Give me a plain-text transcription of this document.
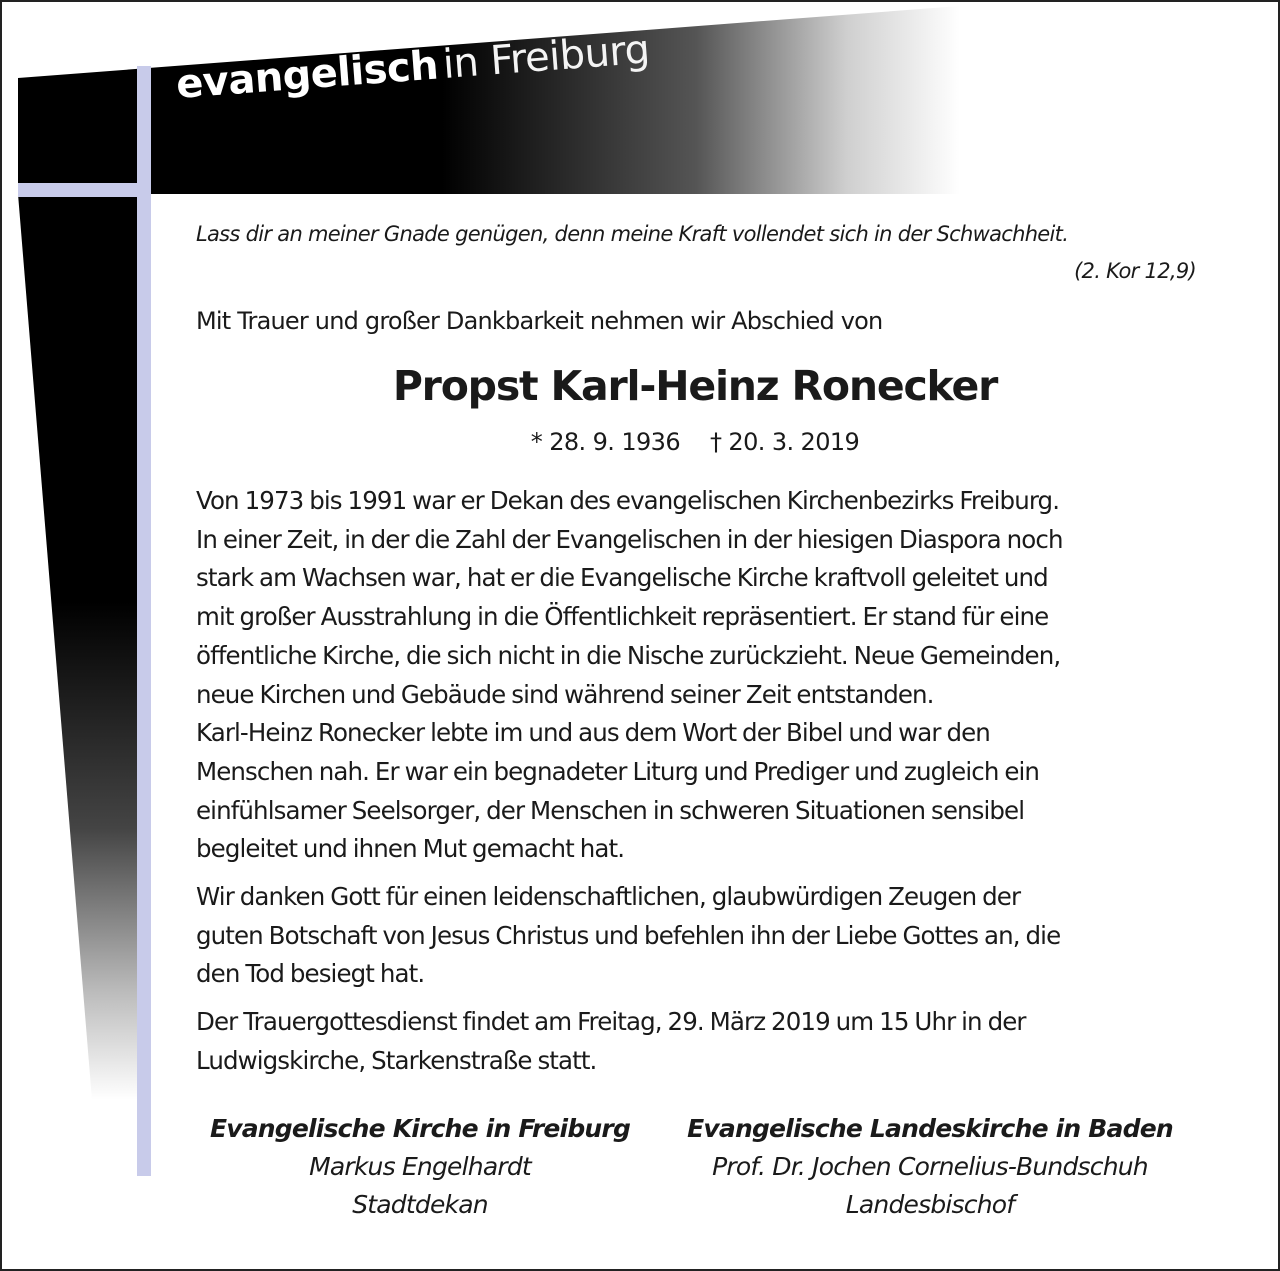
evangelisch in Freiburg
Lass dir an meiner Gnade genügen, denn meine Kraft vollendet sich in der Schwachheit.
(2. Kor 12,9)
Mit Trauer und großer Dankbarkeit nehmen wir Abschied von
Propst Karl-Heinz Ronecker
* 28. 9. 1936 † 20. 3. 2019

Von 1973 bis 1991 war er Dekan des evangelischen Kirchenbezirks Freiburg.
In einer Zeit, in der die Zahl der Evangelischen in der hiesigen Diaspora noch
stark am Wachsen war, hat er die Evangelische Kirche kraftvoll geleitet und
mit großer Ausstrahlung in die Öffentlichkeit repräsentiert. Er stand für eine
öffentliche Kirche, die sich nicht in die Nische zurückzieht. Neue Gemeinden,
neue Kirchen und Gebäude sind während seiner Zeit entstanden.
Karl-Heinz Ronecker lebte im und aus dem Wort der Bibel und war den
Menschen nah. Er war ein begnadeter Liturg und Prediger und zugleich ein
einfühlsamer Seelsorger, der Menschen in schweren Situationen sensibel
begleitet und ihnen Mut gemacht hat.

Wir danken Gott für einen leidenschaftlichen, glaubwürdigen Zeugen der
guten Botschaft von Jesus Christus und befehlen ihn der Liebe Gottes an, die
den Tod besiegt hat.

Der Trauergottesdienst findet am Freitag, 29. März 2019 um 15 Uhr in der
Ludwigskirche, Starkenstraße statt.

Evangelische Kirche in Freiburg
Markus Engelhardt
Stadtdekan
Evangelische Landeskirche in Baden
Prof. Dr. Jochen Cornelius-Bundschuh
Landesbischof
